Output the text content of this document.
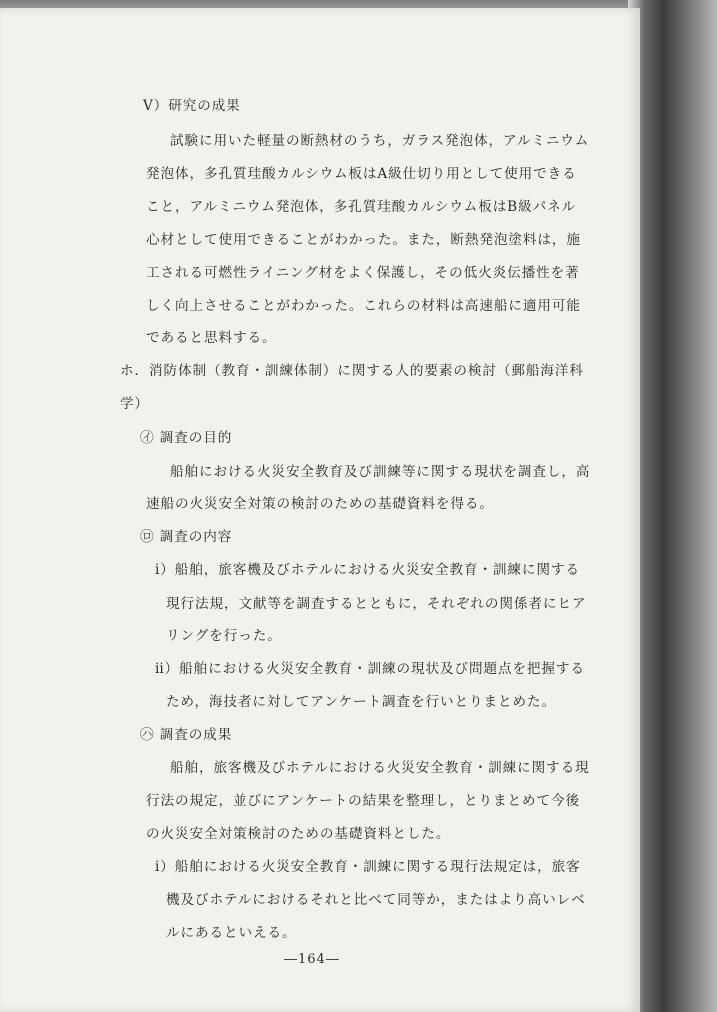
V）研究の成果
試験に用いた軽量の断熱材のうち，ガラス発泡体，アルミニウム
発泡体，多孔質珪酸カルシウム板はA級仕切り用として使用できる
こと，アルミニウム発泡体，多孔質珪酸カルシウム板はB級パネル
心材として使用できることがわかった。また，断熱発泡塗料は，施
工される可燃性ライニング材をよく保護し，その低火炎伝播性を著
しく向上させることがわかった。これらの材料は高速船に適用可能
であると思料する。
ホ．消防体制（教育・訓練体制）に関する人的要素の検討（郵船海洋科
学）
㋑ 調査の目的
船舶における火災安全教育及び訓練等に関する現状を調査し，高
速船の火災安全対策の検討のための基礎資料を得る。
㋺ 調査の内容
ⅰ）船舶，旅客機及びホテルにおける火災安全教育・訓練に関する
現行法規，文献等を調査するとともに，それぞれの関係者にヒア
リングを行った。
ⅱ）船舶における火災安全教育・訓練の現状及び問題点を把握する
ため，海技者に対してアンケート調査を行いとりまとめた。
㋩ 調査の成果
船舶，旅客機及びホテルにおける火災安全教育・訓練に関する現
行法の規定，並びにアンケートの結果を整理し，とりまとめて今後
の火災安全対策検討のための基礎資料とした。
ⅰ）船舶における火災安全教育・訓練に関する現行法規定は，旅客
機及びホテルにおけるそれと比べて同等か，またはより高いレベ
ルにあるといえる。
―164―
